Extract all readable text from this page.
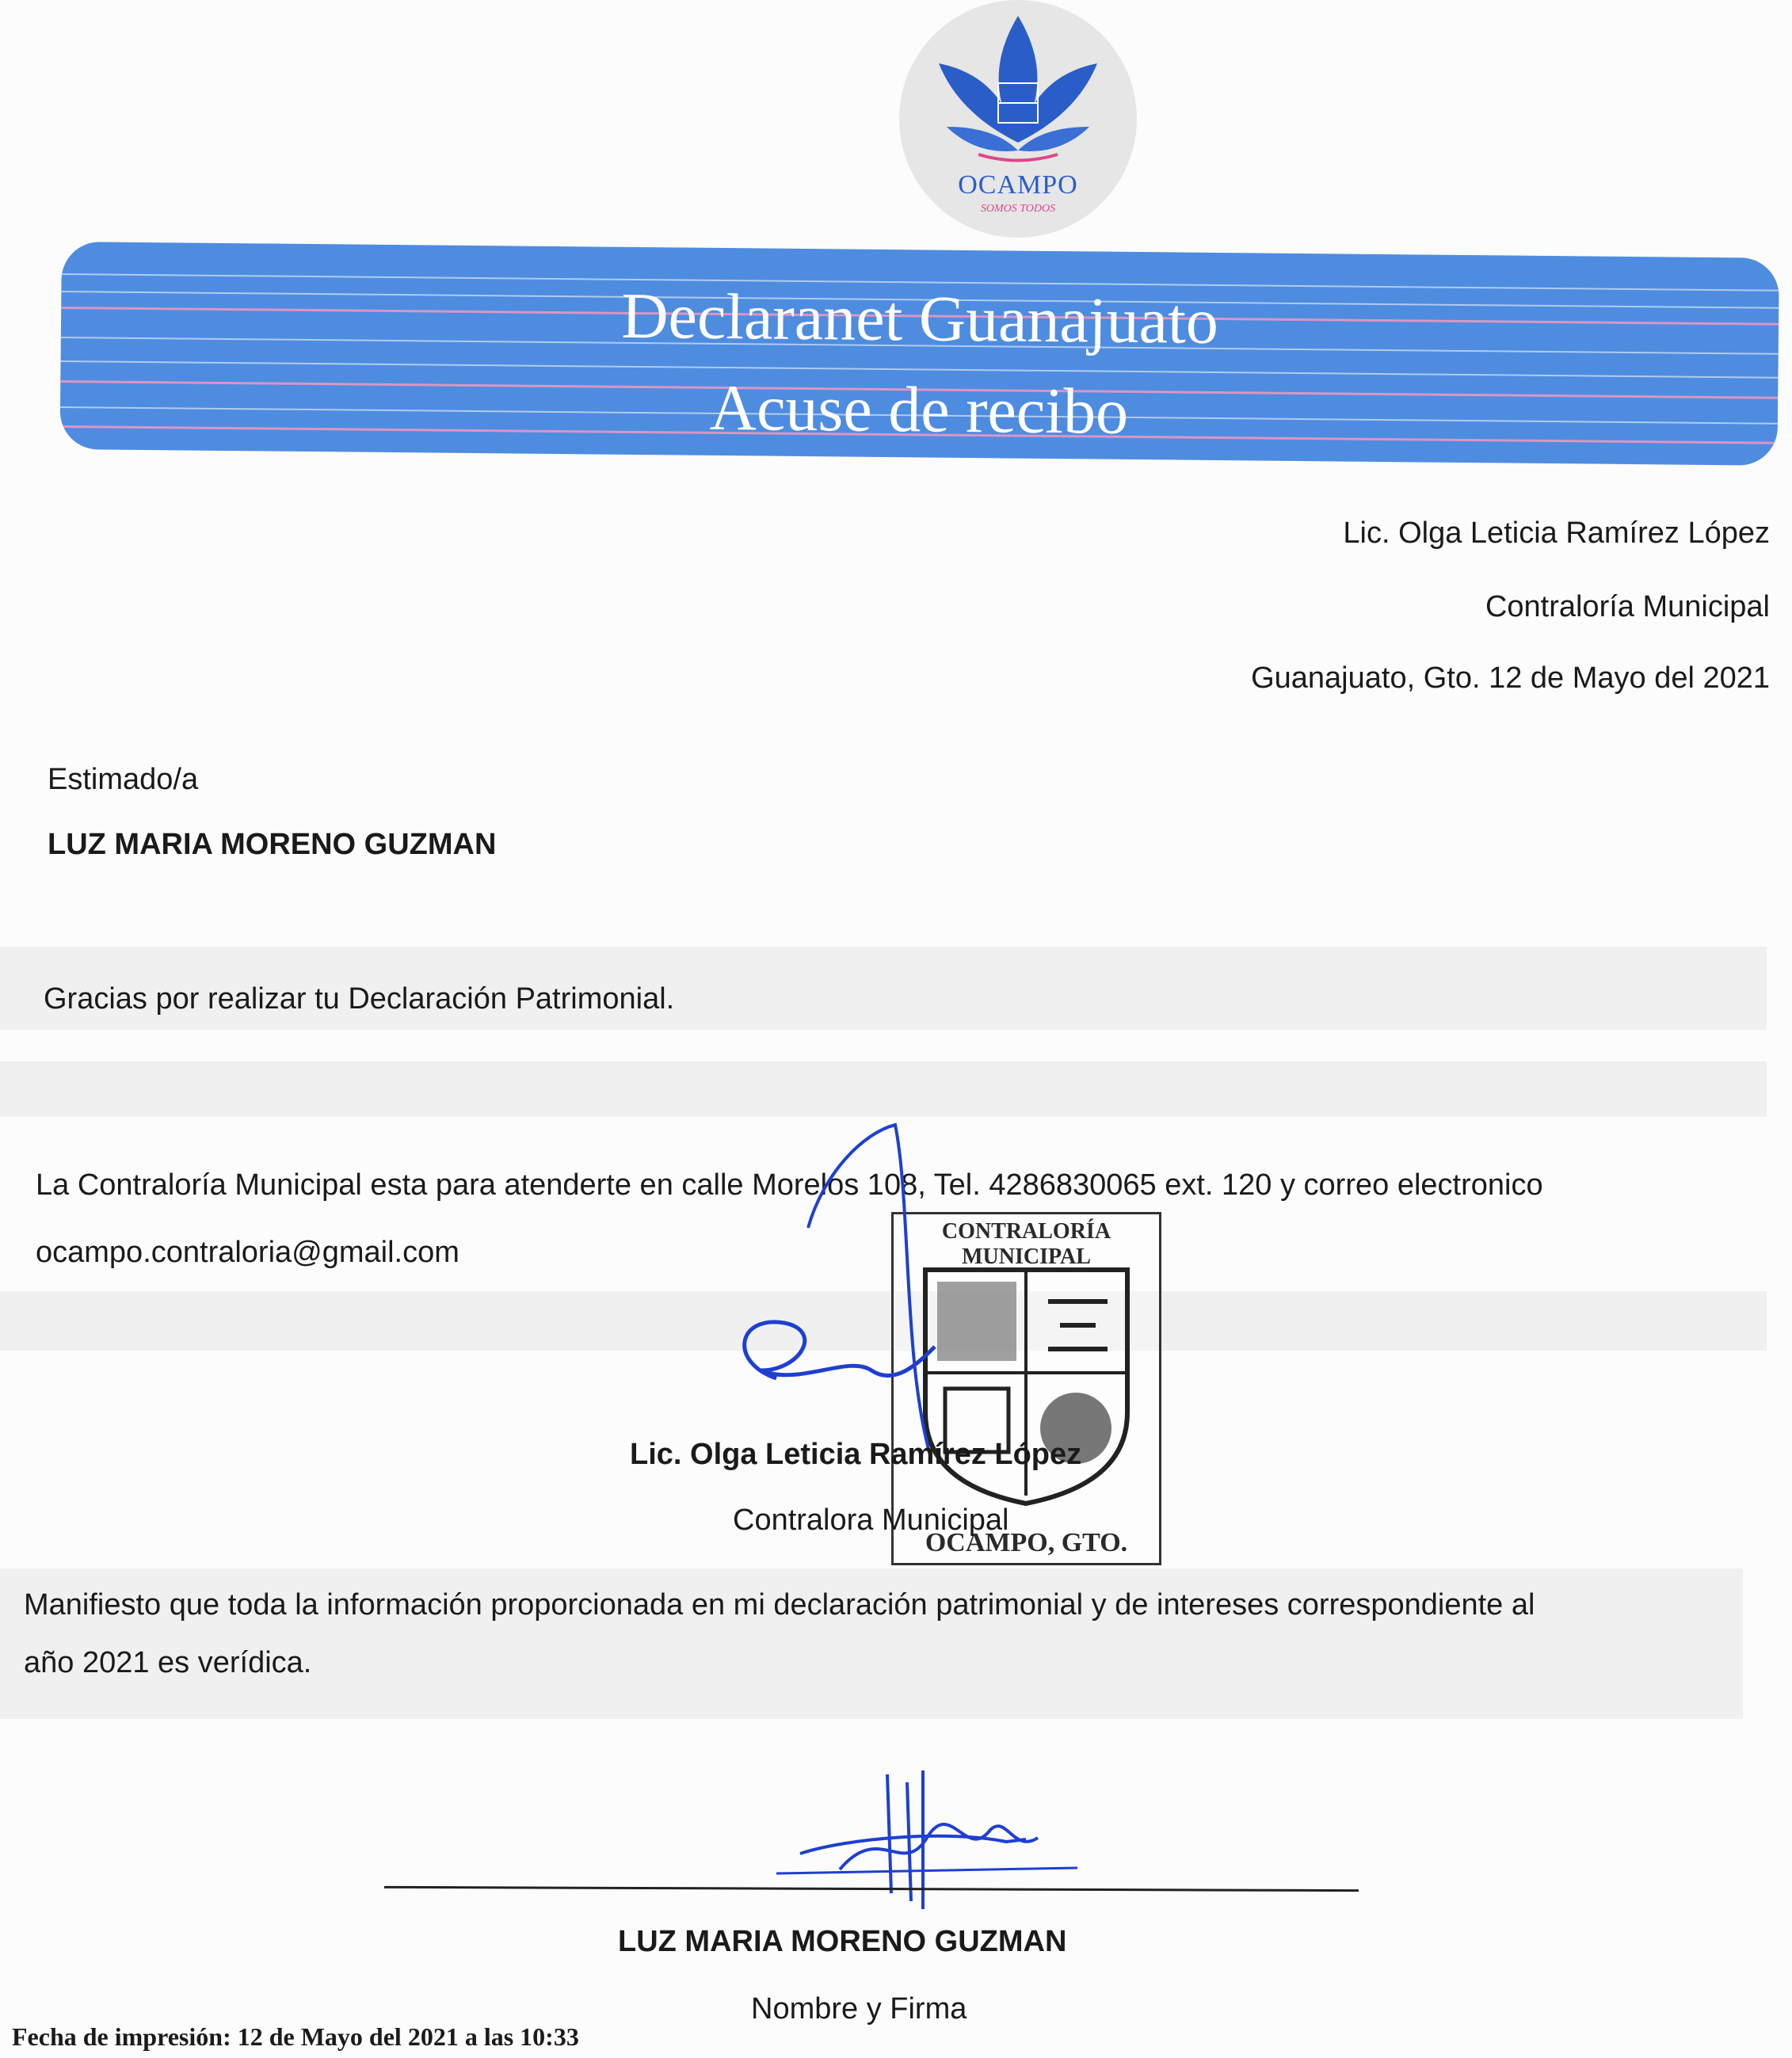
OCAMPO
SOMOS TODOS
Declaranet Guanajuato
Acuse de recibo
Lic. Olga Leticia Ramírez López
Contraloría Municipal
Guanajuato, Gto. 12 de Mayo del 2021
Estimado/a
LUZ MARIA MORENO GUZMAN
Gracias por realizar tu Declaración Patrimonial.
La Contraloría Municipal esta para atenderte en calle Morelos 108, Tel. 4286830065 ext. 120 y correo electronico
ocampo.contraloria@gmail.com
CONTRALORÍA MUNICIPAL
OCAMPO, GTO.
Lic. Olga Leticia Ramírez López
Contralora Municipal
Manifiesto que toda la información proporcionada en mi declaración patrimonial y de intereses correspondiente al
año 2021 es verídica.
LUZ MARIA MORENO GUZMAN
Nombre y Firma
Fecha de impresión: 12 de Mayo del 2021 a las 10:33
